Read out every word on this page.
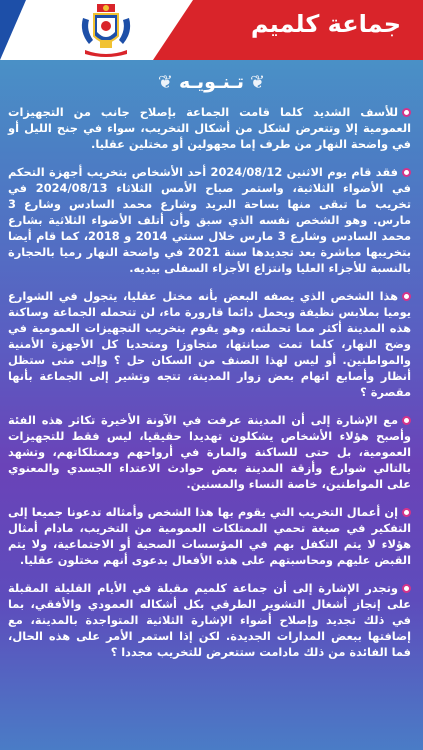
جماعة كلميم
❦ تـنـويـه ❦

للأسف الشديد كلما قامت الجماعة بإصلاح جانب من التجهيزات العمومية إلا وتتعرض لشكل من أشكال التخريب، سواء في جنح الليل أو في واضحة النهار من طرف إما مجهولين أو مختلين عقليا.

فقد قام يوم الاثنين 2024/08/12 أحد الأشخاص بتخريب أجهزة التحكم في الأضواء الثلاثية، واستمر صباح الأمس الثلاثاء 2024/08/13 في تخريب ما تبقى منها بساحة البريد وشارع محمد السادس وشارع 3 مارس. وهو الشخص نفسه الذي سبق وأن أتلف الأضواء الثلاثية بشارع محمد السادس وشارع 3 مارس خلال سنتي 2014 و 2018، كما قام أيضا بتخريبها مباشرة بعد تجديدها سنة 2021 في واضحة النهار رميا بالحجارة بالنسبة للأجزاء العليا وانتزاع الأجزاء السفلى بيديه.

هذا الشخص الذي يصفه البعض بأنه مختل عقليا، يتجول في الشوارع يوميا بملابس نظيفة ويحمل دائما قارورة ماء، لن تتحمله الجماعة وساكنة هذه المدينة أكثر مما تحملته، وهو يقوم بتخريب التجهيزات العمومية في وضح النهار، كلما تمت صيانتها، متجاوزا ومتحديا كل الأجهزة الأمنية والمواطنين. أو ليس لهذا الصنف من السكان حل ؟ وإلى متى ستظل أنظار وأصابع اتهام بعض زوار المدينة، تتجه وتشير إلى الجماعة بأنها مقصرة ؟

مع الإشارة إلى أن المدينة عرفت في الآونة الأخيرة تكاثر هذه الفئة وأصبح هؤلاء الأشخاص يشكلون تهديدا حقيقيا، ليس فقط للتجهيزات العمومية، بل حتى للساكنة والمارة في أرواحهم وممتلكاتهم، وتشهد بالتالي شوارع وأزقة المدينة بعض حوادث الاعتداء الجسدي والمعنوي على المواطنين، خاصة النساء والمسنين.

إن أعمال التخريب التي يقوم بها هذا الشخص وأمثاله تدعونا جميعا إلى التفكير في صيغة تحمي الممتلكات العمومية من التخريب، مادام أمثال هؤلاء لا يتم التكفل بهم في المؤسسات الصحية أو الاجتماعية، ولا يتم القبض عليهم ومحاسبتهم على هذه الأفعال بدعوى أنهم مختلون عقليا.

وتجدر الإشارة إلى أن جماعة كلميم مقبلة في الأيام القليلة المقبلة على إنجاز أشغال التشوير الطرقي بكل أشكاله العمودي والأفقي، بما في ذلك تجديد وإصلاح أضواء الإشارة الثلاثية المتواجدة بالمدينة، مع إضافتها ببعض المدارات الجديدة. لكن إذا استمر الأمر على هذه الحال، فما الفائدة من ذلك مادامت ستتعرض للتخريب مجددا ؟
